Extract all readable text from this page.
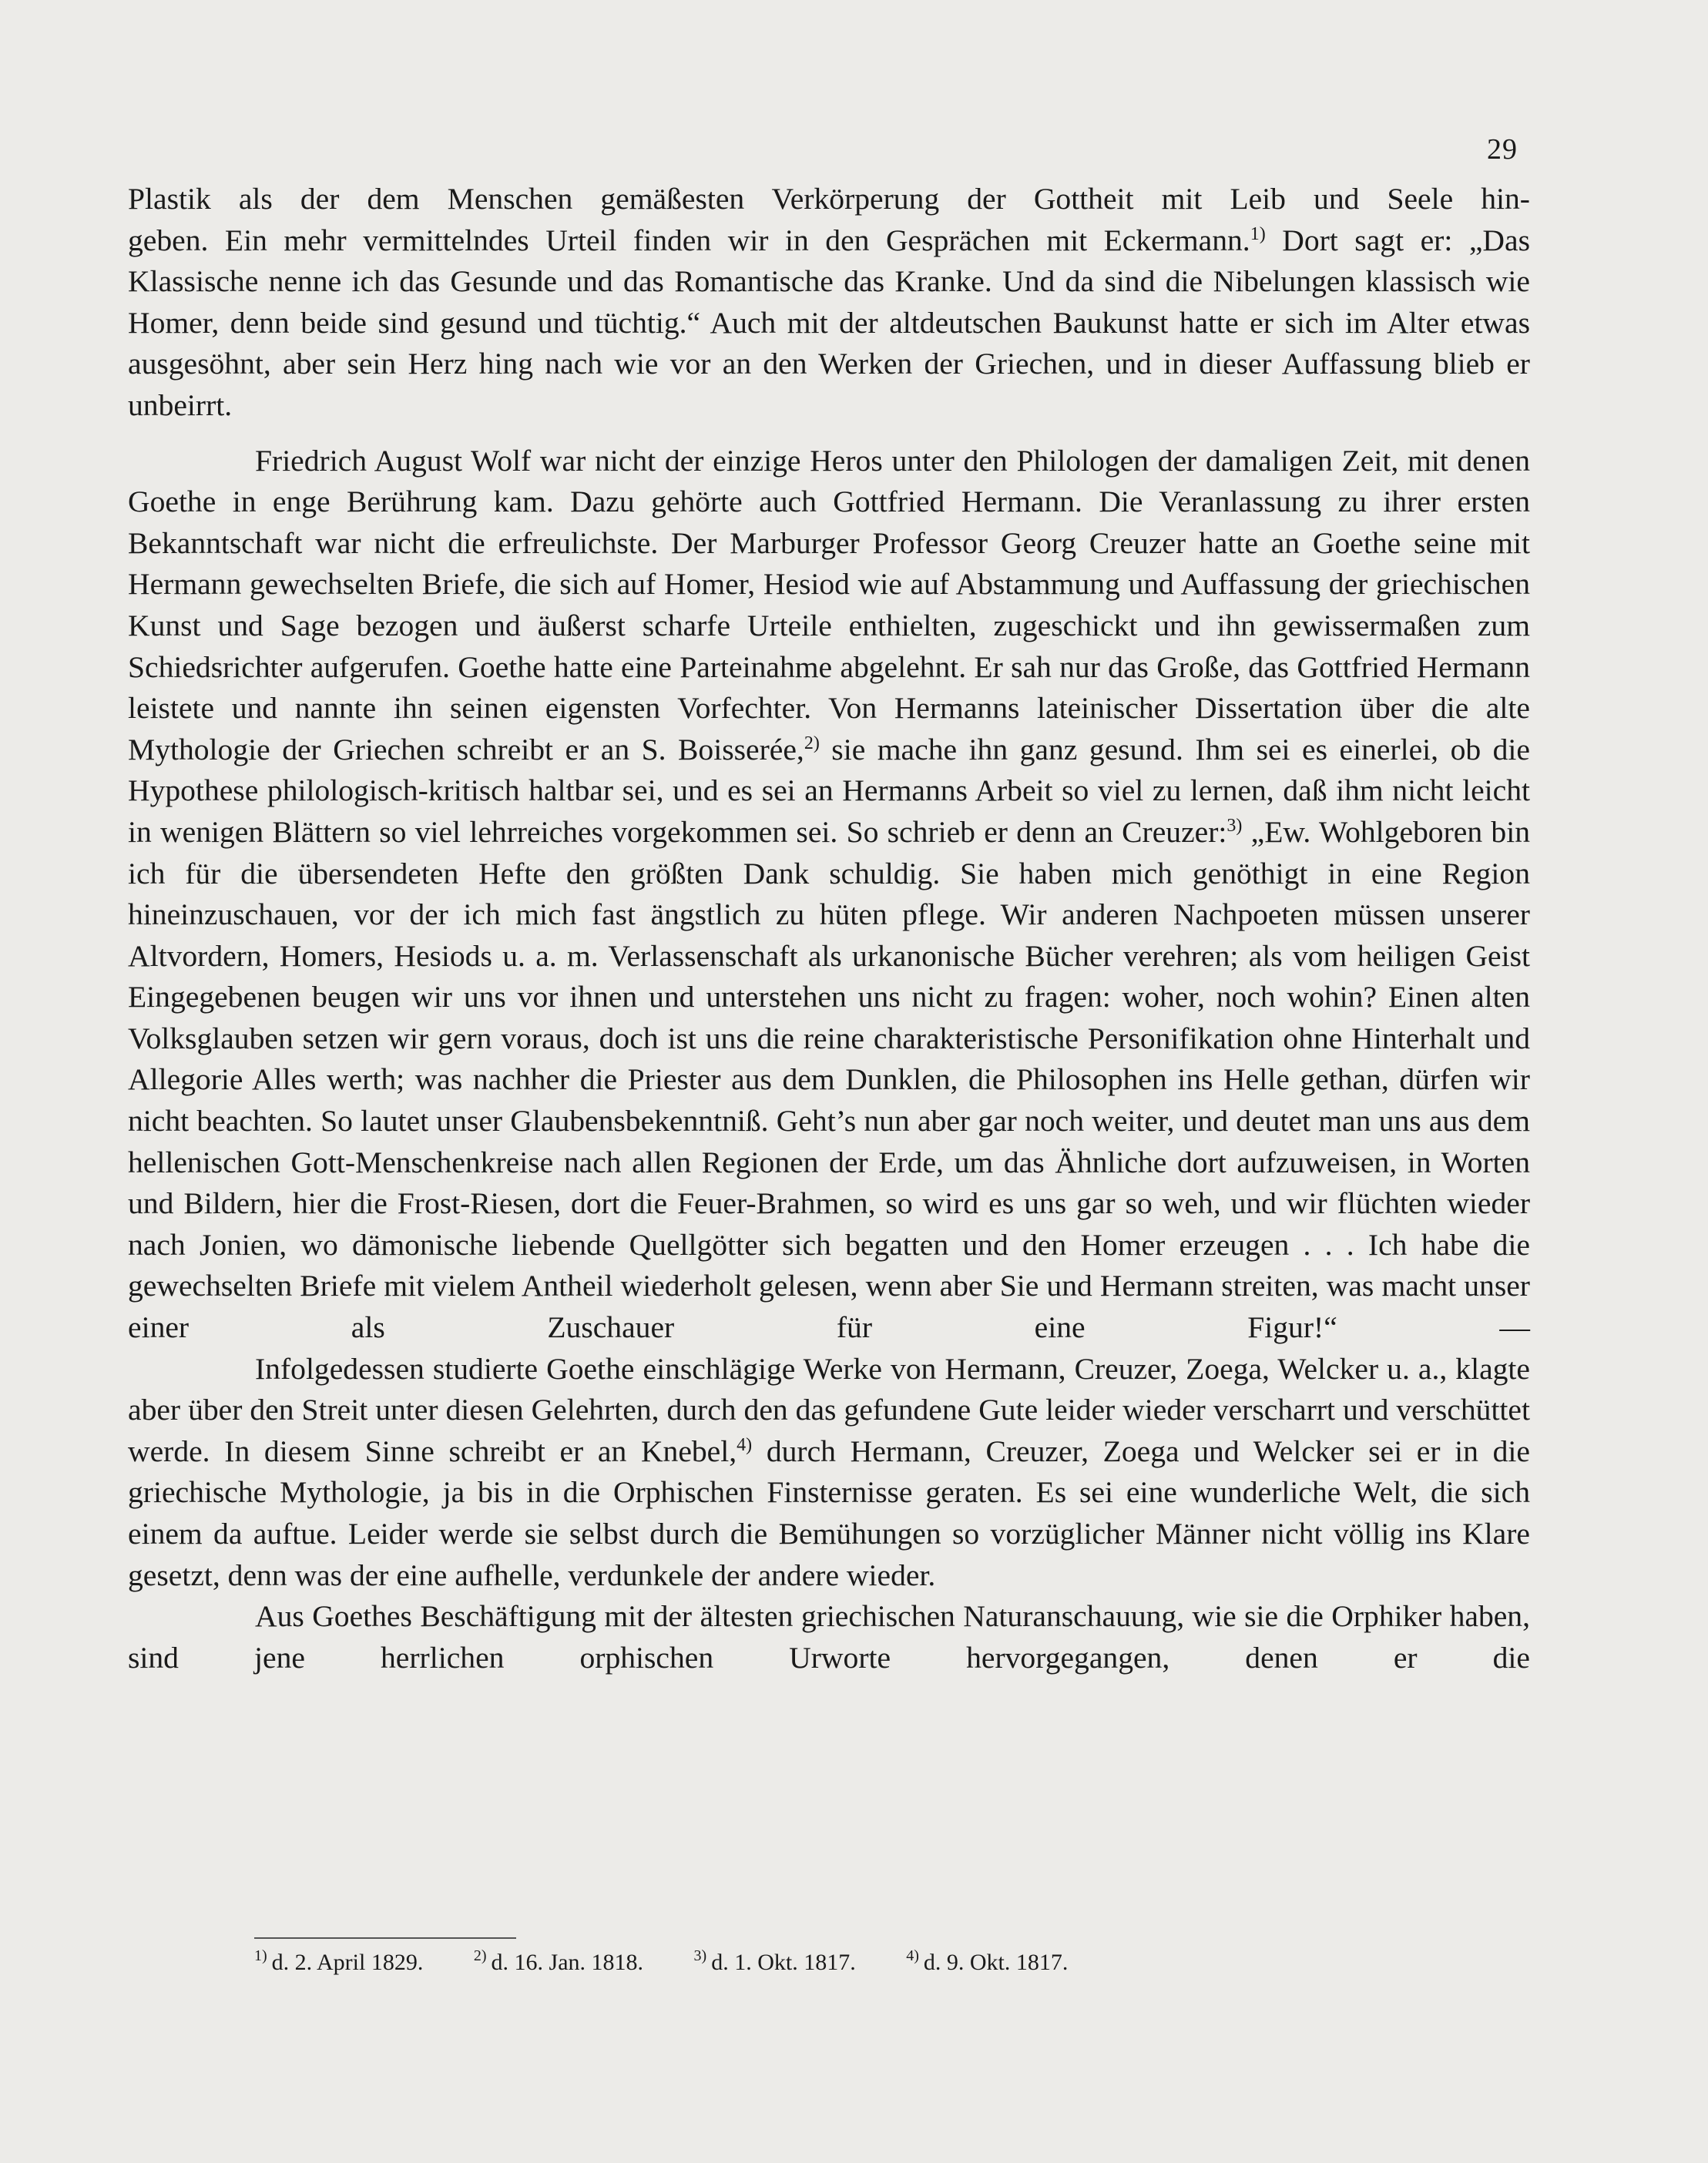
29

Plastik als der dem Menschen gemäßesten Verkörperung der Gottheit mit Leib und Seele hin-
geben. Ein mehr vermittelndes Urteil finden wir in den Gesprächen mit Eckermann.$^{1)}$ Dort sagt er: „Das Klassische nenne ich das Gesunde und das Romantische das Kranke. Und da sind die Nibelungen klassisch wie Homer, denn beide sind gesund und tüchtig.“ Auch mit der altdeutschen Baukunst hatte er sich im Alter etwas ausgesöhnt, aber sein Herz hing nach wie vor an den Werken der Griechen, und in dieser Auffassung blieb er unbeirrt.

Friedrich August Wolf war nicht der einzige Heros unter den Philologen der damaligen Zeit, mit denen Goethe in enge Berührung kam. Dazu gehörte auch Gottfried Hermann. Die Veranlassung zu ihrer ersten Bekanntschaft war nicht die erfreulichste. Der Marburger Professor Georg Creuzer hatte an Goethe seine mit Hermann gewechselten Briefe, die sich auf Homer, Hesiod wie auf Abstammung und Auffassung der griechischen Kunst und Sage bezogen und äußerst scharfe Urteile enthielten, zugeschickt und ihn gewissermaßen zum Schiedsrichter aufgerufen. Goethe hatte eine Parteinahme abgelehnt. Er sah nur das Große, das Gottfried Hermann leistete und nannte ihn seinen eigensten Vorfechter. Von Hermanns lateinischer Dissertation über die alte Mythologie der Griechen schreibt er an S. Boisserée,$^{2)}$ sie mache ihn ganz gesund. Ihm sei es einerlei, ob die Hypothese philologisch-kritisch haltbar sei, und es sei an Hermanns Arbeit so viel zu lernen, daß ihm nicht leicht in wenigen Blättern so viel lehrreiches vorgekommen sei. So schrieb er denn an Creuzer:$^{3)}$ „Ew. Wohlgeboren bin ich für die übersendeten Hefte den größten Dank schuldig. Sie haben mich genöthigt in eine Region hineinzuschauen, vor der ich mich fast ängstlich zu hüten pflege. Wir anderen Nachpoeten müssen unserer Altvordern, Homers, Hesiods u. a. m. Verlassenschaft als urkanonische Bücher verehren; als vom heiligen Geist Eingegebenen beugen wir uns vor ihnen und unterstehen uns nicht zu fragen: woher, noch wohin? Einen alten Volksglauben setzen wir gern voraus, doch ist uns die reine charakteristische Personifikation ohne Hinterhalt und Allegorie Alles werth; was nachher die Priester aus dem Dunklen, die Philosophen ins Helle gethan, dürfen wir nicht beachten. So lautet unser Glaubensbekenntniß. Geht’s nun aber gar noch weiter, und deutet man uns aus dem hellenischen Gott-Menschenkreise nach allen Regionen der Erde, um das Ähnliche dort aufzuweisen, in Worten und Bildern, hier die Frost-Riesen, dort die Feuer-Brahmen, so wird es uns gar so weh, und wir flüchten wieder nach Jonien, wo dämonische liebende Quellgötter sich begatten und den Homer erzeugen . . . Ich habe die gewechselten Briefe mit vielem Antheil wiederholt gelesen, wenn aber Sie und Hermann streiten, was macht unser einer als Zuschauer für eine Figur!“ —

Infolgedessen studierte Goethe einschlägige Werke von Hermann, Creuzer, Zoega, Welcker u. a., klagte aber über den Streit unter diesen Gelehrten, durch den das gefundene Gute leider wieder verscharrt und verschüttet werde. In diesem Sinne schreibt er an Knebel,$^{4)}$ durch Hermann, Creuzer, Zoega und Welcker sei er in die griechische Mythologie, ja bis in die Orphischen Finsternisse geraten. Es sei eine wunderliche Welt, die sich einem da auftue. Leider werde sie selbst durch die Bemühungen so vorzüglicher Männer nicht völlig ins Klare gesetzt, denn was der eine aufhelle, verdunkele der andere wieder.

Aus Goethes Beschäftigung mit der ältesten griechischen Naturanschauung, wie sie die Orphiker haben, sind jene herrlichen orphischen Urworte hervorgegangen, denen er die

$^{1)}$ d. 2. April 1829.	$^{2)}$ d. 16. Jan. 1818.	$^{3)}$ d. 1. Okt. 1817.	$^{4)}$ d. 9. Okt. 1817.
